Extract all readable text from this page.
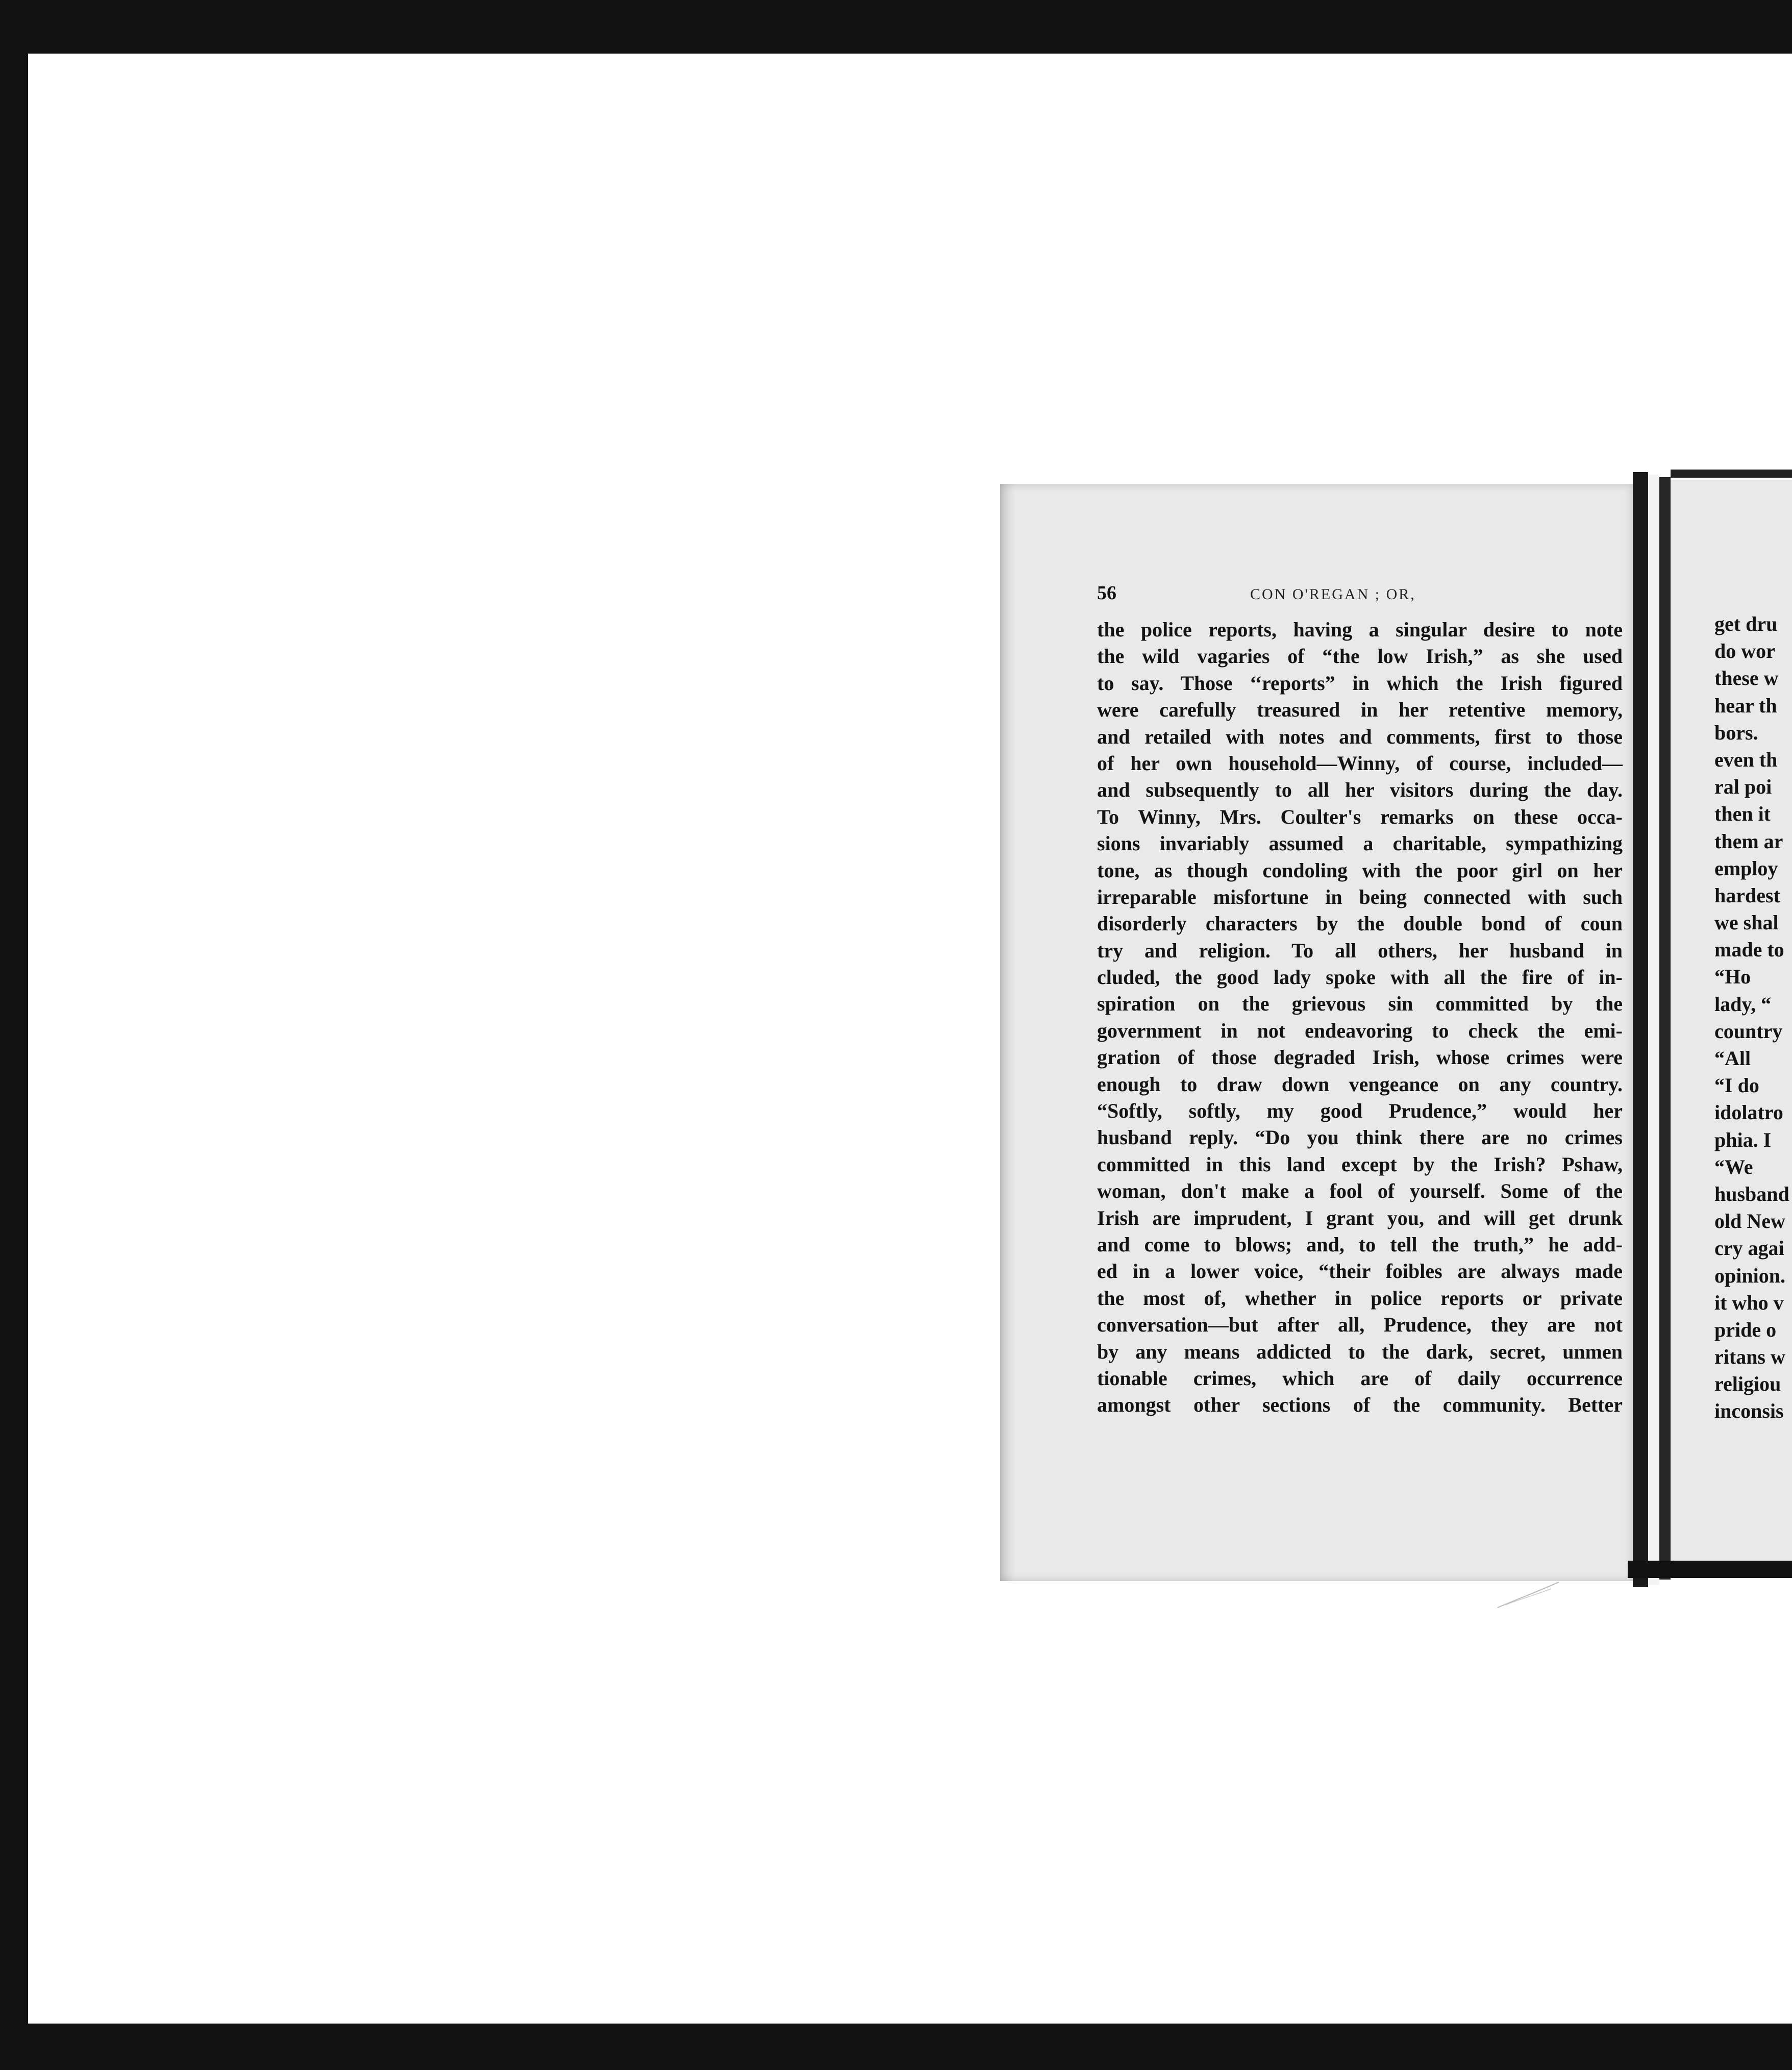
56	CON O'REGAN ; OR,
the police reports, having a singular desire to note
the wild vagaries of “the low Irish,” as she used
to say. Those ‘‘reports” in which the Irish figured
were carefully treasured in her retentive memory,
and retailed with notes and comments, first to those
of her own household—Winny, of course, included—
and subsequently to all her visitors during the day.
To Winny, Mrs. Coulter's remarks on these occa-
sions invariably assumed a charitable, sympathizing
tone, as though condoling with the poor girl on her
irreparable misfortune in being connected with such
disorderly characters by the double bond of coun
try and religion. To all others, her husband in
cluded, the good lady spoke with all the fire of in-
spiration on the grievous sin committed by the
government in not endeavoring to check the emi-
gration of those degraded Irish, whose crimes were
enough to draw down vengeance on any country.
“Softly, softly, my good Prudence,” would her
husband reply. “Do you think there are no crimes
committed in this land except by the Irish? Pshaw,
woman, don't make a fool of yourself. Some of the
Irish are imprudent, I grant you, and will get drunk
and come to blows; and, to tell the truth,” he add-
ed in a lower voice, “their foibles are always made
the most of, whether in police reports or private
conversation—but after all, Prudence, they are not
by any means addicted to the dark, secret, unmen
tionable crimes, which are of daily occurrence
amongst other sections of the community. Better
get dru
do wor
these w
hear th
bors.
even th
ral poi
then it
them ar
employ
hardest
we shal
made to
“Ho
lady, “
country
“All
“I do
idolatro
phia. I
“We
husband
old New
cry agai
opinion.
it who v
pride o
ritans w
religiou
inconsis
